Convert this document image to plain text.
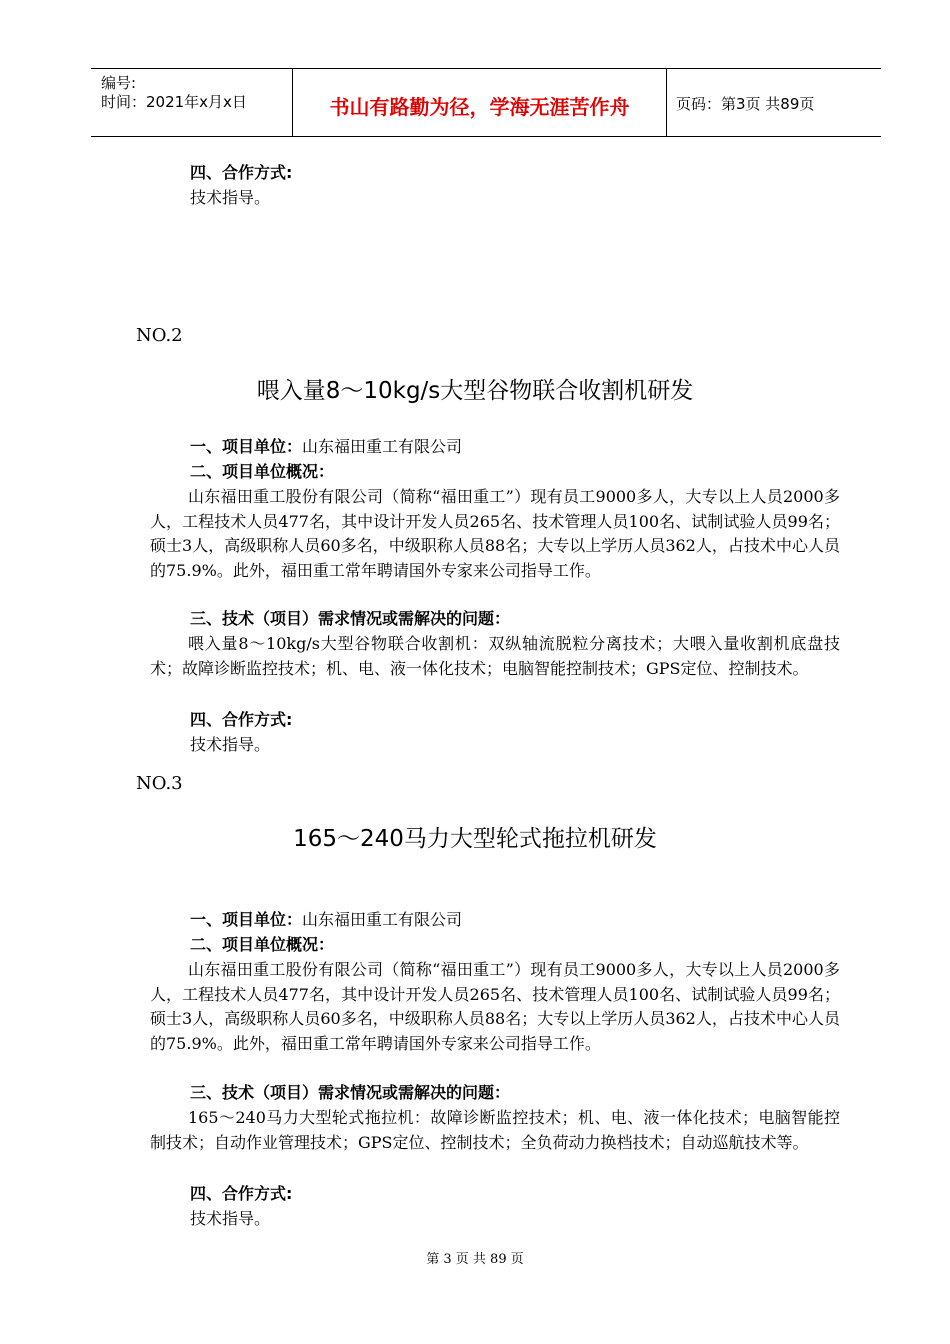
编号:
时间：2021年x月x日	书山有路勤为径，学海无涯苦作舟	页码：第3页 共89页
四、合作方式:
技术指导。
NO.2
喂入量8～10kg/s大型谷物联合收割机研发
一、项目单位：山东福田重工有限公司
二、项目单位概况：
山东福田重工股份有限公司（简称“福田重工”）现有员工9000多人，大专以上人员2000多人，工程技术人员477名，其中设计开发人员265名、技术管理人员100名、试制试验人员99名；硕士3人，高级职称人员60多名，中级职称人员88名；大专以上学历人员362人，占技术中心人员的75.9%。此外，福田重工常年聘请国外专家来公司指导工作。
三、技术（项目）需求情况或需解决的问题：
喂入量8～10kg/s大型谷物联合收割机：双纵轴流脱粒分离技术；大喂入量收割机底盘技术；故障诊断监控技术；机、电、液一体化技术；电脑智能控制技术；GPS定位、控制技术。
四、合作方式:
技术指导。
NO.3
165～240马力大型轮式拖拉机研发
一、项目单位：山东福田重工有限公司
二、项目单位概况：
山东福田重工股份有限公司（简称“福田重工”）现有员工9000多人，大专以上人员2000多人，工程技术人员477名，其中设计开发人员265名、技术管理人员100名、试制试验人员99名；硕士3人，高级职称人员60多名，中级职称人员88名；大专以上学历人员362人，占技术中心人员的75.9%。此外，福田重工常年聘请国外专家来公司指导工作。
三、技术（项目）需求情况或需解决的问题：
165～240马力大型轮式拖拉机：故障诊断监控技术；机、电、液一体化技术；电脑智能控制技术；自动作业管理技术；GPS定位、控制技术；全负荷动力换档技术；自动巡航技术等。
四、合作方式:
技术指导。
第 3 页 共 89 页
